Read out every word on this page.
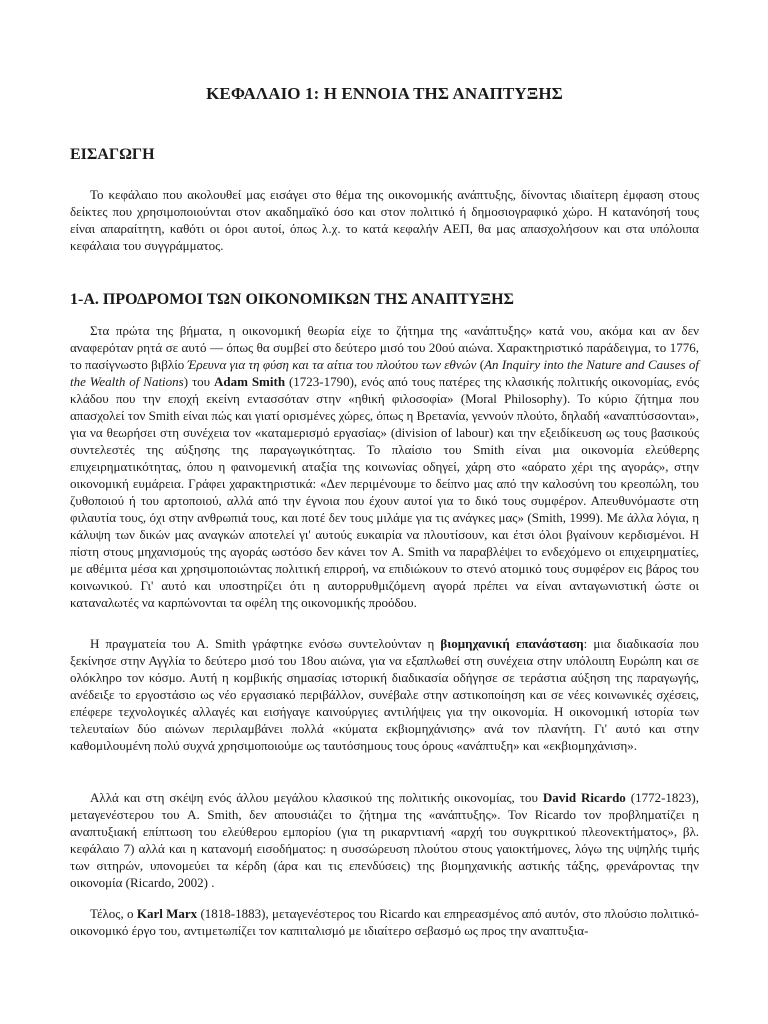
ΚΕΦΑΛΑΙΟ 1: Η ΕΝΝΟΙΑ ΤΗΣ ΑΝΑΠΤΥΞΗΣ
ΕΙΣΑΓΩΓΗ

Το κεφάλαιο που ακολουθεί μας εισάγει στο θέμα της οικονομικής ανάπτυξης, δίνοντας ιδιαίτερη έμφαση στους δείκτες που χρησιμοποιούνται στον ακαδημαϊκό όσο και στον πολιτικό ή δημοσιογραφικό χώρο. Η κατανόησή τους είναι απαραίτητη, καθότι οι όροι αυτοί, όπως λ.χ. το κατά κεφαλήν ΑΕΠ, θα μας απασχολήσουν και στα υπόλοιπα κεφάλαια του συγγράμματος.

1-Α. ΠΡΟΔΡΟΜΟΙ ΤΩΝ ΟΙΚΟΝΟΜΙΚΩΝ ΤΗΣ ΑΝΑΠΤΥΞΗΣ

Στα πρώτα της βήματα, η οικονομική θεωρία είχε το ζήτημα της «ανάπτυξης» κατά νου, ακόμα και αν δεν αναφερόταν ρητά σε αυτό — όπως θα συμβεί στο δεύτερο μισό του 20ού αιώνα. Χαρακτηριστικό παράδειγμα, το 1776, το πασίγνωστο βιβλίο Έρευνα για τη φύση και τα αίτια του πλούτου των εθνών (An Inquiry into the Nature and Causes of the Wealth of Nations) του Adam Smith (1723-1790), ενός από τους πατέρες της κλασικής πολιτικής οικονομίας, ενός κλάδου που την εποχή εκείνη εντασσόταν στην «ηθική φιλοσοφία» (Moral Philosophy). Το κύριο ζήτημα που απασχολεί τον Smith είναι πώς και γιατί ορισμένες χώρες, όπως η Βρετανία, γεννούν πλούτο, δηλαδή «αναπτύσσονται», για να θεωρήσει στη συνέχεια τον «καταμερισμό εργασίας» (division of labour) και την εξειδίκευση ως τους βασικούς συντελεστές της αύξησης της παραγωγικότητας. Το πλαίσιο του Smith είναι μια οικονομία ελεύθερης επιχειρηματικότητας, όπου η φαινομενική αταξία της κοινωνίας οδηγεί, χάρη στο «αόρατο χέρι της αγοράς», στην οικονομική ευμάρεια. Γράφει χαρακτηριστικά: «Δεν περιμένουμε το δείπνο μας από την καλοσύνη του κρεοπώλη, του ζυθοποιού ή του αρτοποιού, αλλά από την έγνοια που έχουν αυτοί για το δικό τους συμφέρον. Απευθυνόμαστε στη φιλαυτία τους, όχι στην ανθρωπιά τους, και ποτέ δεν τους μιλάμε για τις ανάγκες μας» (Smith, 1999). Με άλλα λόγια, η κάλυψη των δικών μας αναγκών αποτελεί γι' αυτούς ευκαιρία να πλουτίσουν, και έτσι όλοι βγαίνουν κερδισμένοι. Η πίστη στους μηχανισμούς της αγοράς ωστόσο δεν κάνει τον A. Smith να παραβλέψει το ενδεχόμενο οι επιχειρηματίες, με αθέμιτα μέσα και χρησιμοποιώντας πολιτική επιρροή, να επιδιώκουν το στενό ατομικό τους συμφέρον εις βάρος του κοινωνικού. Γι' αυτό και υποστηρίζει ότι η αυτορρυθμιζόμενη αγορά πρέπει να είναι ανταγωνιστική ώστε οι καταναλωτές να καρπώνονται τα οφέλη της οικονομικής προόδου.

Η πραγματεία του A. Smith γράφτηκε ενόσω συντελούνταν η βιομηχανική επανάσταση: μια διαδικασία που ξεκίνησε στην Αγγλία το δεύτερο μισό του 18ου αιώνα, για να εξαπλωθεί στη συνέχεια στην υπόλοιπη Ευρώπη και σε ολόκληρο τον κόσμο. Αυτή η κομβικής σημασίας ιστορική διαδικασία οδήγησε σε τεράστια αύξηση της παραγωγής, ανέδειξε το εργοστάσιο ως νέο εργασιακό περιβάλλον, συνέβαλε στην αστικοποίηση και σε νέες κοινωνικές σχέσεις, επέφερε τεχνολογικές αλλαγές και εισήγαγε καινούργιες αντιλήψεις για την οικονομία. Η οικονομική ιστορία των τελευταίων δύο αιώνων περιλαμβάνει πολλά «κύματα εκβιομηχάνισης» ανά τον πλανήτη. Γι' αυτό και στην καθομιλουμένη πολύ συχνά χρησιμοποιούμε ως ταυτόσημους τους όρους «ανάπτυξη» και «εκβιομηχάνιση».

Αλλά και στη σκέψη ενός άλλου μεγάλου κλασικού της πολιτικής οικονομίας, του David Ricardo (1772-1823), μεταγενέστερου του A. Smith, δεν απουσιάζει το ζήτημα της «ανάπτυξης». Τον Ricardo τον προβληματίζει η αναπτυξιακή επίπτωση του ελεύθερου εμπορίου (για τη ρικαρντιανή «αρχή του συγκριτικού πλεονεκτήματος», βλ. κεφάλαιο 7) αλλά και η κατανομή εισοδήματος: η συσσώρευση πλούτου στους γαιοκτήμονες, λόγω της υψηλής τιμής των σιτηρών, υπονομεύει τα κέρδη (άρα και τις επενδύσεις) της βιομηχανικής αστικής τάξης, φρενάροντας την οικονομία (Ricardo, 2002) .

Τέλος, ο Karl Marx (1818-1883), μεταγενέστερος του Ricardo και επηρεασμένος από αυτόν, στο πλούσιο πολιτικό-οικονομικό έργο του, αντιμετωπίζει τον καπιταλισμό με ιδιαίτερο σεβασμό ως προς την αναπτυξια-
